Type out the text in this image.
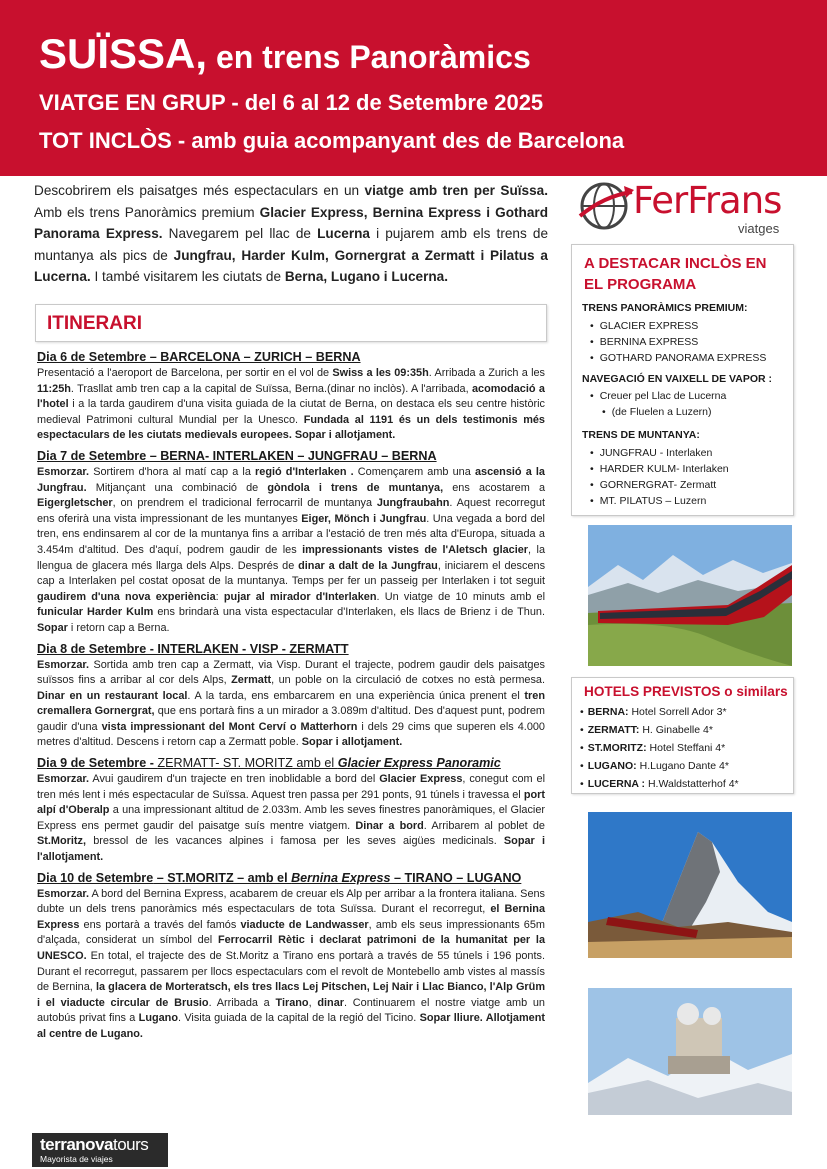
SUÏSSA, en trens Panoràmics
VIATGE EN GRUP - del 6 al 12 de Setembre 2025
TOT INCLÒS - amb guia acompanyant des de Barcelona
Descobrirem els paisatges més espectaculars en un viatge amb tren per Suïssa. Amb els trens Panoràmics premium Glacier Express, Bernina Express i Gothard Panorama Express. Navegarem pel llac de Lucerna i pujarem amb els trens de muntanya als pics de Jungfrau, Harder Kulm, Gornergrat a Zermatt i Pilatus a Lucerna. I també visitarem les ciutats de Berna, Lugano i Lucerna.
ITINERARI
Dia 6 de Setembre – BARCELONA – ZURICH – BERNA
Presentació a l'aeroport de Barcelona, per sortir en el vol de Swiss a les 09:35h. Arribada a Zurich a les 11:25h. Trasllat amb tren cap a la capital de Suïssa, Berna.(dinar no inclòs). A l'arribada, acomodació a l'hotel i a la tarda gaudirem d'una visita guiada de la ciutat de Berna, on destaca els seu centre històric medieval Patrimoni cultural Mundial per la Unesco. Fundada al 1191 és un dels testimonis més espectaculars de les ciutats medievals europees. Sopar i allotjament.
Dia 7 de Setembre – BERNA- INTERLAKEN – JUNGFRAU – BERNA
Esmorzar. Sortirem d'hora al matí cap a la regió d'Interlaken . Començarem amb una ascensió a la Jungfrau. Mitjançant una combinació de gòndola i trens de muntanya, ens acostarem a Eigergletscher, on prendrem el tradicional ferrocarril de muntanya Jungfraubahn. Aquest recorregut ens oferirà una vista impressionant de les muntanyes Eiger, Mönch i Jungfrau. Una vegada a bord del tren, ens endinsarem al cor de la muntanya fins a arribar a l'estació de tren més alta d'Europa, situada a 3.454m d'altitud. Des d'aquí, podrem gaudir de les impressionants vistes de l'Aletsch glacier, la llengua de glacera més llarga dels Alps. Després de dinar a dalt de la Jungfrau, iniciarem el descens cap a Interlaken pel costat oposat de la muntanya. Temps per fer un passeig per Interlaken i tot seguit gaudirem d'una nova experiència: pujar al mirador d'Interlaken. Un viatge de 10 minuts amb el funicular Harder Kulm ens brindarà una vista espectacular d'Interlaken, els llacs de Brienz i de Thun. Sopar i retorn cap a Berna.
Dia 8 de Setembre - INTERLAKEN - VISP - ZERMATT
Esmorzar. Sortida amb tren cap a Zermatt, via Visp. Durant el trajecte, podrem gaudir dels paisatges suïssos fins a arribar al cor dels Alps, Zermatt, un poble on la circulació de cotxes no està permesa. Dinar en un restaurant local. A la tarda, ens embarcarem en una experiència única prenent el tren cremallera Gornergrat, que ens portarà fins a un mirador a 3.089m d'altitud. Des d'aquest punt, podrem gaudir d'una vista impressionant del Mont Cerví o Matterhorn i dels 29 cims que superen els 4.000 metres d'altitud. Descens i retorn cap a Zermatt poble. Sopar i allotjament.
Dia 9 de Setembre - ZERMATT- ST. MORITZ amb el Glacier Express Panoramic
Esmorzar. Avui gaudirem d'un trajecte en tren inoblidable a bord del Glacier Express, conegut com el tren més lent i més espectacular de Suïssa. Aquest tren passa per 291 ponts, 91 túnels i travessa el port alpí d'Oberalp a una impressionant altitud de 2.033m. Amb les seves finestres panoràmiques, el Glacier Express ens permet gaudir del paisatge suís mentre viatgem. Dinar a bord. Arribarem al poblet de St.Moritz, bressol de les vacances alpines i famosa per les seves aigües medicinals. Sopar i l'allotjament.
Dia 10 de Setembre – ST.MORITZ – amb el Bernina Express – TIRANO – LUGANO
Esmorzar. A bord del Bernina Express, acabarem de creuar els Alp per arribar a la frontera italiana. Sens dubte un dels trens panoràmics més espectaculars de tota Suïssa. Durant el recorregut, el Bernina Express ens portarà a través del famós viaducte de Landwasser, amb els seus impressionants 65m d'alçada, considerat un símbol del Ferrocarril Rètic i declarat patrimoni de la humanitat per la UNESCO. En total, el trajecte des de St.Moritz a Tirano ens portarà a través de 55 túnels i 196 ponts. Durant el recorregut, passarem per llocs espectaculars com el revolt de Montebello amb vistes al massís de Bernina, la glacera de Morteratsch, els tres llacs Lej Pitschen, Lej Nair i Llac Bianco, l'Alp Grüm i el viaducte circular de Brusio. Arribada a Tirano, dinar. Continuarem el nostre viatge amb un autobús privat fins a Lugano. Visita guiada de la capital de la regió del Ticino. Sopar lliure. Allotjament al centre de Lugano.
FerFrans
viatges
A DESTACAR INCLÒS EN EL PROGRAMA
TRENS PANORÀMICS PREMIUM:
• GLACIER EXPRESS
• BERNINA EXPRESS
• GOTHARD PANORAMA EXPRESS
NAVEGACIÓ EN VAIXELL DE VAPOR :
• Creuer pel Llac de Lucerna
• (de Fluelen a Luzern)
TRENS DE MUNTANYA:
• JUNGFRAU - Interlaken
• HARDER KULM- Interlaken
• GORNERGRAT- Zermatt
• MT. PILATUS – Luzern
HOTELS PREVISTOS o similars
• BERNA: Hotel Sorrell Ador 3*
• ZERMATT: H. Ginabelle 4*
• ST.MORITZ: Hotel Steffani 4*
• LUGANO: H.Lugano Dante 4*
• LUCERNA : H.Waldstatterhof 4*
terranovatours
Mayorista de viajes
